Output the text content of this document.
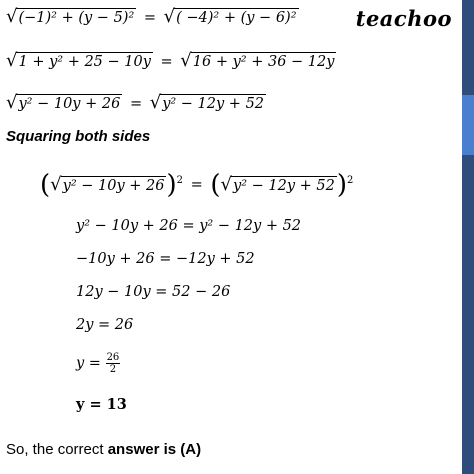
teachoo
√ (−1)² + (y − 5)² = √ ( −4)² + (y − 6)²
√ 1 + y² + 25 − 10y = √ 16 + y² + 36 − 12y
√ y² − 10y + 26 = √ y² − 12y + 52
Squaring both sides
( √ y² − 10y + 26 )$^2$ = ( √ y² − 12y + 52 )$^2$
y² − 10y + 26 = y² − 12y + 52
−10y + 26 = −12y + 52
12y − 10y = 52 − 26
2y = 26
$y = \frac{26}{2}$
y = 13
So, the correct answer is (A)
